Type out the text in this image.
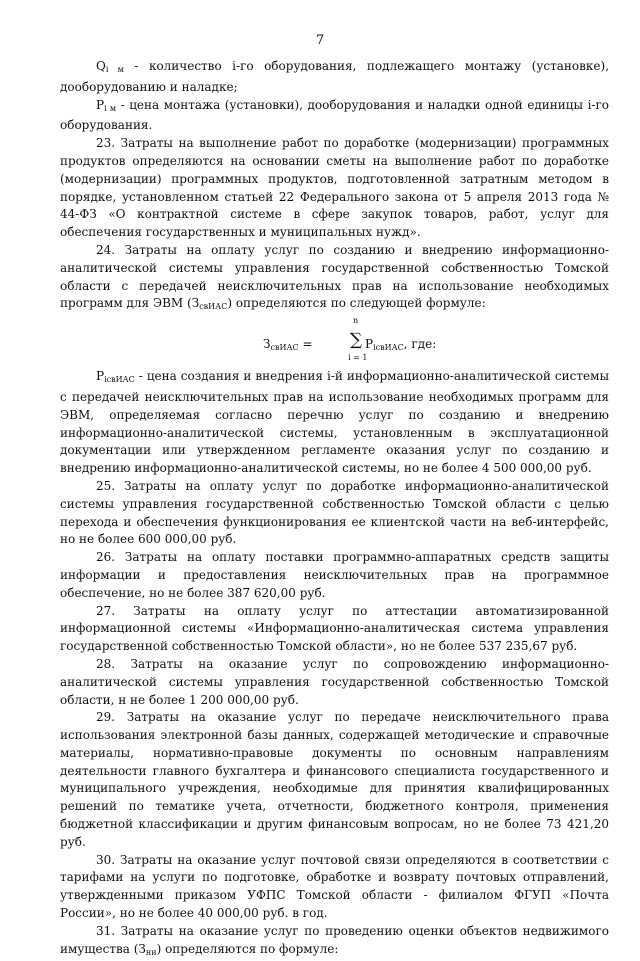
7

$Q_{i м}$ - количество i-го оборудования, подлежащего монтажу (установке), дооборудованию и наладке;

$P_{i м}$ - цена монтажа (установки), дооборудования и наладки одной единицы i-го оборудования.

23. Затраты на выполнение работ по доработке (модернизации) программных продуктов определяются на основании сметы на выполнение работ по доработке (модернизации) программных продуктов, подготовленной затратным методом в порядке, установленном статьей 22 Федерального закона от 5 апреля 2013 года № 44-ФЗ «О контрактной системе в сфере закупок товаров, работ, услуг для обеспечения государственных и муниципальных нужд».

24. Затраты на оплату услуг по созданию и внедрению информационно-аналитической системы управления государственной собственностью Томской области с передачей неисключительных прав на использование необходимых программ для ЭВМ $(З_{свИАС})$ определяются по следующей формуле:

$З_{свИАС}$ =
n
∑
i = 1
$P_{iсвИАС}$, где:

$P_{iсвИАС}$ - цена создания и внедрения i-й информационно-аналитической системы с передачей неисключительных прав на использование необходимых программ для ЭВМ, определяемая согласно перечню услуг по созданию и внедрению информационно-аналитической системы, установленным в эксплуатационной документации или утвержденном регламенте оказания услуг по созданию и внедрению информационно-аналитической системы, но не более 4 500 000,00 руб.

25. Затраты на оплату услуг по доработке информационно-аналитической системы управления государственной собственностью Томской области с целью перехода и обеспечения функционирования ее клиентской части на веб-интерфейс, но не более 600 000,00 руб.

26. Затраты на оплату поставки программно-аппаратных средств защиты информации и предоставления неисключительных прав на программное обеспечение, но не более 387 620,00 руб.

27. Затраты на оплату услуг по аттестации автоматизированной информационной системы «Информационно-аналитическая система управления государственной собственностью Томской области», но не более 537 235,67 руб.

28. Затраты на оказание услуг по сопровождению информационно-аналитической системы управления государственной собственностью Томской области, н не более 1 200 000,00 руб.

29. Затраты на оказание услуг по передаче неисключительного права использования электронной базы данных, содержащей методические и справочные материалы, нормативно-правовые документы по основным направлениям деятельности главного бухгалтера и финансового специалиста государственного и муниципального учреждения, необходимые для принятия квалифицированных решений по тематике учета, отчетности, бюджетного контроля, применения бюджетной классификации и другим финансовым вопросам, но не более 73 421,20 руб.

30. Затраты на оказание услуг почтовой связи определяются в соответствии с тарифами на услуги по подготовке, обработке и возврату почтовых отправлений, утвержденными приказом УФПС Томской области - филиалом ФГУП «Почта России», но не более 40 000,00 руб. в год.

31. Затраты на оказание услуг по проведению оценки объектов недвижимого имущества $(З_{ни})$ определяются по формуле:
